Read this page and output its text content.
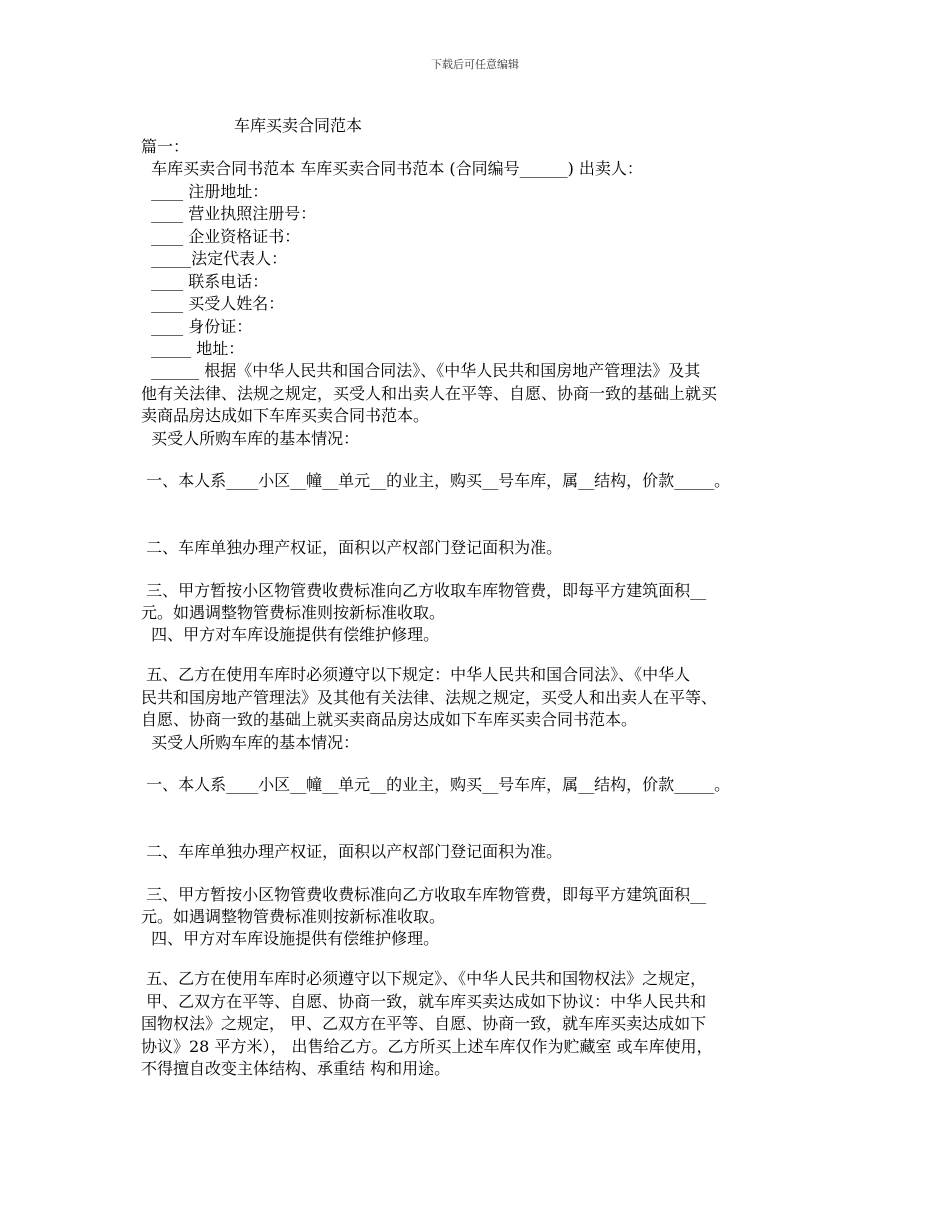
下载后可任意编辑
车库买卖合同范本
篇一：
车库买卖合同书范本 车库买卖合同书范本 (合同编号______) 出卖人：
____ 注册地址：
____ 营业执照注册号：
____ 企业资格证书：
_____法定代表人：
____ 联系电话：
____ 买受人姓名：
____ 身份证：
_____ 地址：
______ 根据《中华人民共和国合同法》、《中华人民共和国房地产管理法》及其
他有关法律、法规之规定，买受人和出卖人在平等、自愿、协商一致的基础上就买
卖商品房达成如下车库买卖合同书范本。
买受人所购车库的基本情况：
一、本人系____小区__幢__单元__的业主，购买__号车库，属__结构，价款_____。
二、车库单独办理产权证，面积以产权部门登记面积为准。
三、甲方暂按小区物管费收费标准向乙方收取车库物管费，即每平方建筑面积__
元。如遇调整物管费标准则按新标准收取。
四、甲方对车库设施提供有偿维护修理。
五、乙方在使用车库时必须遵守以下规定：中华人民共和国合同法》、《中华人
民共和国房地产管理法》及其他有关法律、法规之规定，买受人和出卖人在平等、
自愿、协商一致的基础上就买卖商品房达成如下车库买卖合同书范本。
买受人所购车库的基本情况：
一、本人系____小区__幢__单元__的业主，购买__号车库，属__结构，价款_____。
二、车库单独办理产权证，面积以产权部门登记面积为准。
三、甲方暂按小区物管费收费标准向乙方收取车库物管费，即每平方建筑面积__
元。如遇调整物管费标准则按新标准收取。
四、甲方对车库设施提供有偿维护修理。
五、乙方在使用车库时必须遵守以下规定》、《中华人民共和国物权法》之规定，
甲、乙双方在平等、自愿、协商一致，就车库买卖达成如下协议：中华人民共和
国物权法》之规定， 甲、乙双方在平等、自愿、协商一致，就车库买卖达成如下
协议》28 平方米）， 出售给乙方。乙方所买上述车库仅作为贮藏室 或车库使用，
不得擅自改变主体结构、承重结 构和用途。
